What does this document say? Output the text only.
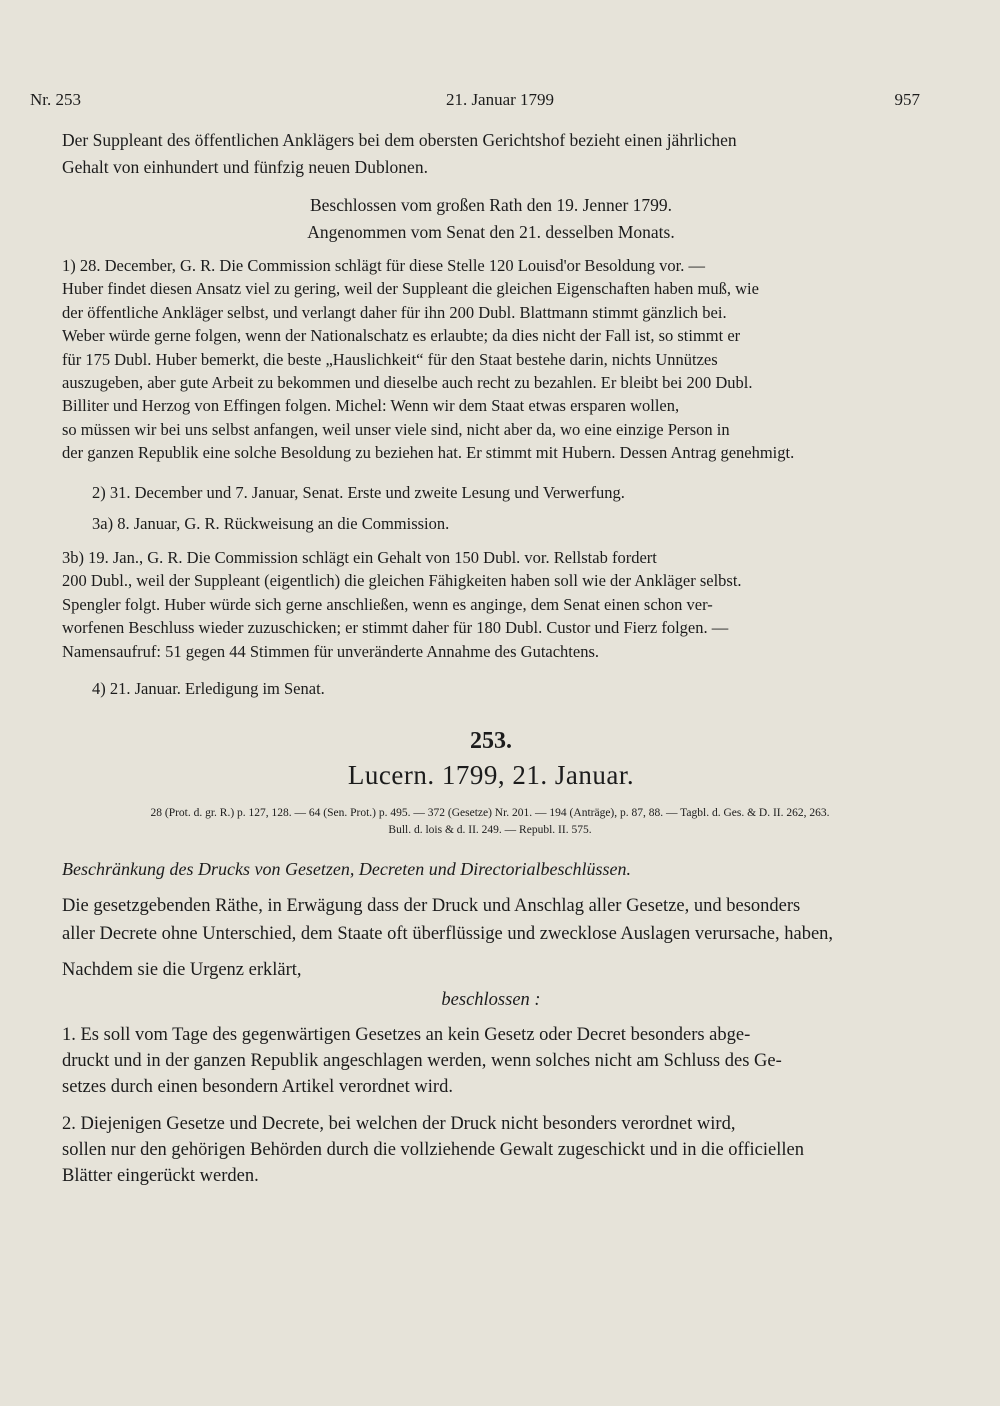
Nr. 253	21. Januar 1799	957
Der Suppleant des öffentlichen Anklägers bei dem obersten Gerichtshof bezieht einen jährlichen
Gehalt von einhundert und fünfzig neuen Dublonen.
Beschlossen vom großen Rath den 19. Jenner 1799.
Angenommen vom Senat den 21. desselben Monats.
1) 28. December, G. R. Die Commission schlägt für diese Stelle 120 Louisd'or Besoldung vor. —
Huber findet diesen Ansatz viel zu gering, weil der Suppleant die gleichen Eigenschaften haben muß, wie
der öffentliche Ankläger selbst, und verlangt daher für ihn 200 Dubl. Blattmann stimmt gänzlich bei.
Weber würde gerne folgen, wenn der Nationalschatz es erlaubte; da dies nicht der Fall ist, so stimmt er
für 175 Dubl. Huber bemerkt, die beste „Hauslichkeit“ für den Staat bestehe darin, nichts Unnützes
auszugeben, aber gute Arbeit zu bekommen und dieselbe auch recht zu bezahlen. Er bleibt bei 200 Dubl.
Billiter und Herzog von Effingen folgen. Michel: Wenn wir dem Staat etwas ersparen wollen,
so müssen wir bei uns selbst anfangen, weil unser viele sind, nicht aber da, wo eine einzige Person in
der ganzen Republik eine solche Besoldung zu beziehen hat. Er stimmt mit Hubern. Dessen Antrag genehmigt.
2) 31. December und 7. Januar, Senat. Erste und zweite Lesung und Verwerfung.
3a) 8. Januar, G. R. Rückweisung an die Commission.
3b) 19. Jan., G. R. Die Commission schlägt ein Gehalt von 150 Dubl. vor. Rellstab fordert
200 Dubl., weil der Suppleant (eigentlich) die gleichen Fähigkeiten haben soll wie der Ankläger selbst.
Spengler folgt. Huber würde sich gerne anschließen, wenn es anginge, dem Senat einen schon ver-
worfenen Beschluss wieder zuzuschicken; er stimmt daher für 180 Dubl. Custor und Fierz folgen. —
Namensaufruf: 51 gegen 44 Stimmen für unveränderte Annahme des Gutachtens.
4) 21. Januar. Erledigung im Senat.
253.
Lucern. 1799, 21. Januar.
28 (Prot. d. gr. R.) p. 127, 128. — 64 (Sen. Prot.) p. 495. — 372 (Gesetze) Nr. 201. — 194 (Anträge), p. 87, 88. — Tagbl. d. Ges. & D. II. 262, 263.
Bull. d. lois & d. II. 249. — Republ. II. 575.
Beschränkung des Drucks von Gesetzen, Decreten und Directorialbeschlüssen.
Die gesetzgebenden Räthe, in Erwägung dass der Druck und Anschlag aller Gesetze, und besonders
aller Decrete ohne Unterschied, dem Staate oft überflüssige und zwecklose Auslagen verursache, haben,
Nachdem sie die Urgenz erklärt,
beschlossen :
1. Es soll vom Tage des gegenwärtigen Gesetzes an kein Gesetz oder Decret besonders abge-
druckt und in der ganzen Republik angeschlagen werden, wenn solches nicht am Schluss des Ge-
setzes durch einen besondern Artikel verordnet wird.
2. Diejenigen Gesetze und Decrete, bei welchen der Druck nicht besonders verordnet wird,
sollen nur den gehörigen Behörden durch die vollziehende Gewalt zugeschickt und in die officiellen
Blätter eingerückt werden.
